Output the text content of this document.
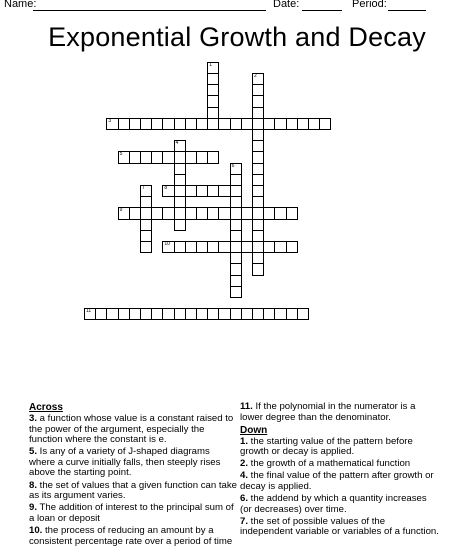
Name:	Date:	Period:
Exponential Growth and Decay
1
2
3
4
5
6
7	8
9
10
11
Across
3. a function whose value is a constant raised to the power of the argument, especially the function where the constant is e.
5. Is any of a variety of J-shaped diagrams where a curve initially falls, then steeply rises above the starting point.
8. the set of values that a given function can take as its argument varies.
9. The addition of interest to the principal sum of a loan or deposit
10. the process of reducing an amount by a consistent percentage rate over a period of time
11. If the polynomial in the numerator is a lower degree than the denominator.
Down
1. the starting value of the pattern before growth or decay is applied.
2. the growth of a mathematical function
4. the final value of the pattern after growth or decay is applied.
6. the addend by which a quantity increases (or decreases) over time.
7. the set of possible values of the independent variable or variables of a function.
